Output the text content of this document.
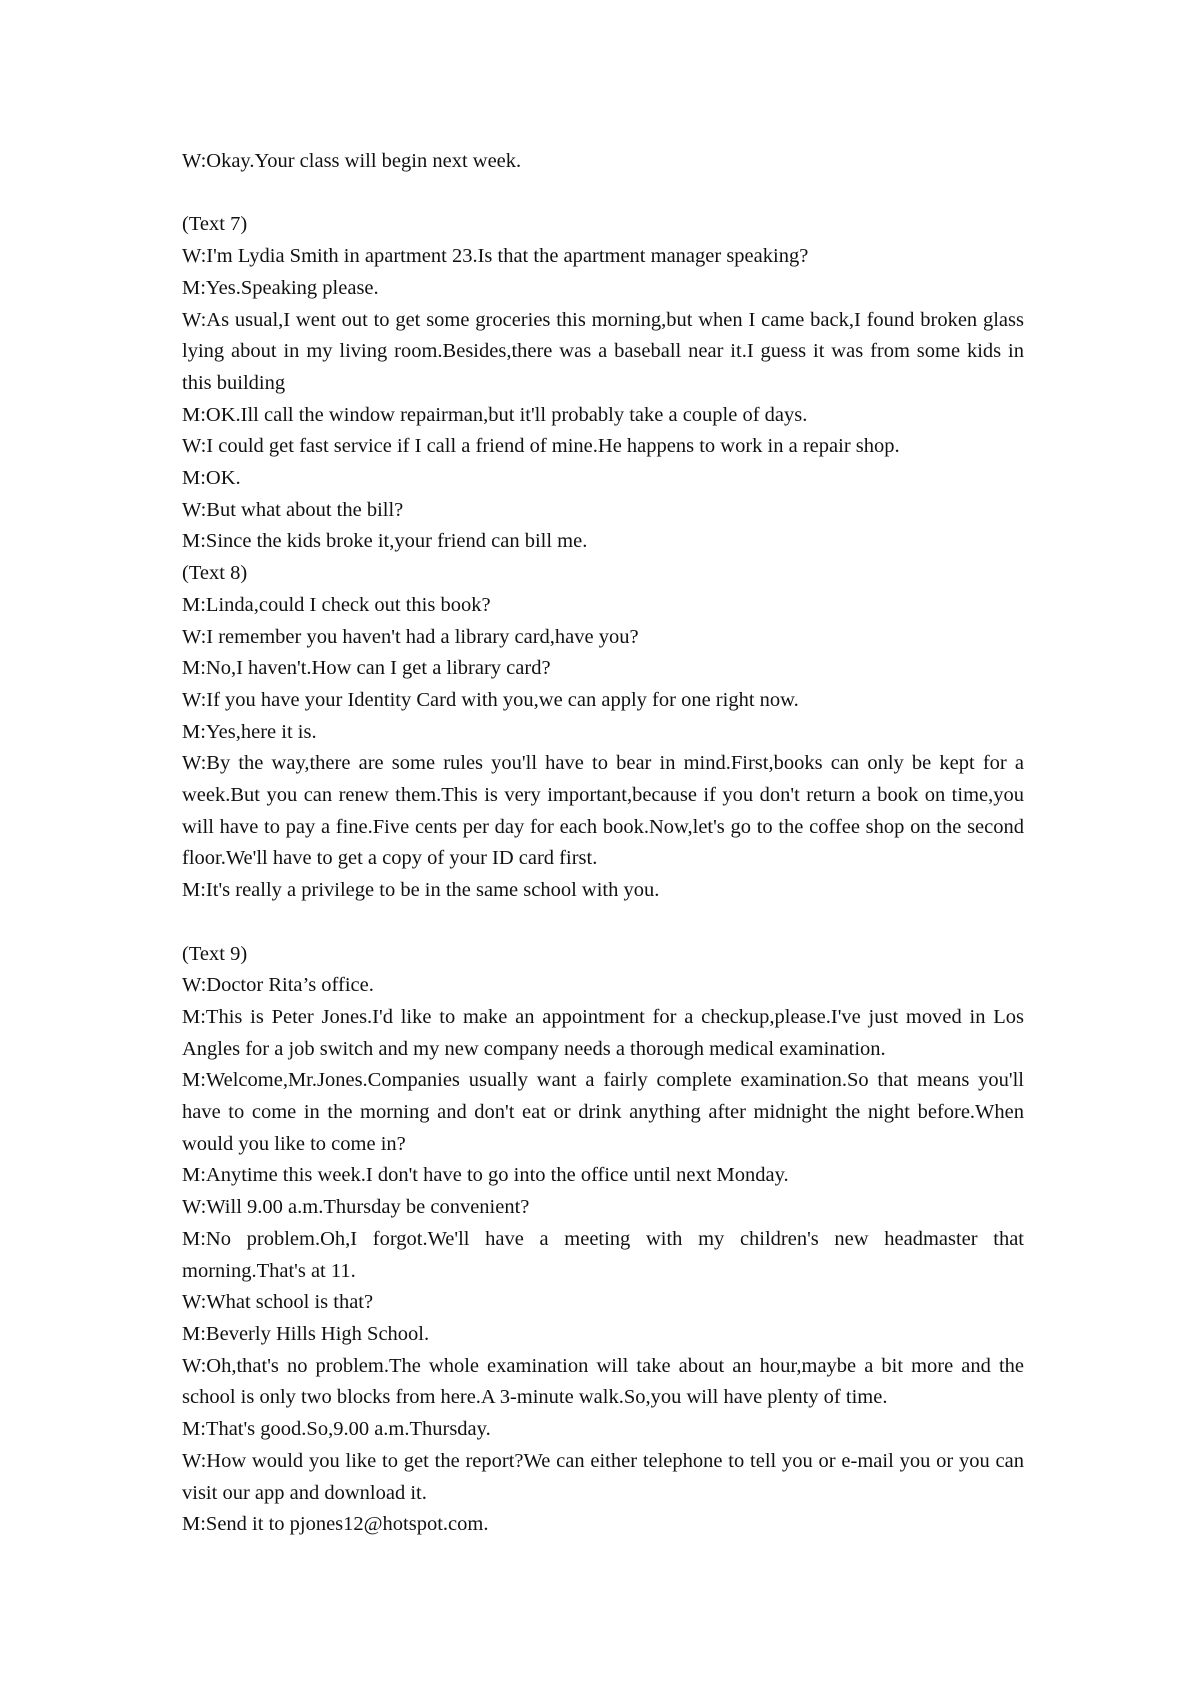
W:Okay.Your class will begin next week.
(Text 7)
W:I'm Lydia Smith in apartment 23.Is that the apartment manager speaking?
M:Yes.Speaking please.
W:As usual,I went out to get some groceries this morning,but when I came back,I found broken glass lying about in my living room.Besides,there was a baseball near it.I guess it was from some kids in this building
M:OK.Ill call the window repairman,but it'll probably take a couple of days.
W:I could get fast service if I call a friend of mine.He happens to work in a repair shop.
M:OK.
W:But what about the bill?
M:Since the kids broke it,your friend can bill me.
(Text 8)
M:Linda,could I check out this book?
W:I remember you haven't had a library card,have you?
M:No,I haven't.How can I get a library card?
W:If you have your Identity Card with you,we can apply for one right now.
M:Yes,here it is.
W:By the way,there are some rules you'll have to bear in mind.First,books can only be kept for a week.But you can renew them.This is very important,because if you don't return a book on time,you will have to pay a fine.Five cents per day for each book.Now,let's go to the coffee shop on the second floor.We'll have to get a copy of your ID card first.
M:It's really a privilege to be in the same school with you.
(Text 9)
W:Doctor Rita’s office.
M:This is Peter Jones.I'd like to make an appointment for a checkup,please.I've just moved in Los Angles for a job switch and my new company needs a thorough medical examination.
M:Welcome,Mr.Jones.Companies usually want a fairly complete examination.So that means you'll have to come in the morning and don't eat or drink anything after midnight the night before.When would you like to come in?
M:Anytime this week.I don't have to go into the office until next Monday.
W:Will 9.00 a.m.Thursday be convenient?
M:No problem.Oh,I forgot.We'll have a meeting with my children's new headmaster that morning.That's at 11.
W:What school is that?
M:Beverly Hills High School.
W:Oh,that's no problem.The whole examination will take about an hour,maybe a bit more and the school is only two blocks from here.A 3-minute walk.So,you will have plenty of time.
M:That's good.So,9.00 a.m.Thursday.
W:How would you like to get the report?We can either telephone to tell you or e-mail you or you can visit our app and download it.
M:Send it to pjones12@hotspot.com.
